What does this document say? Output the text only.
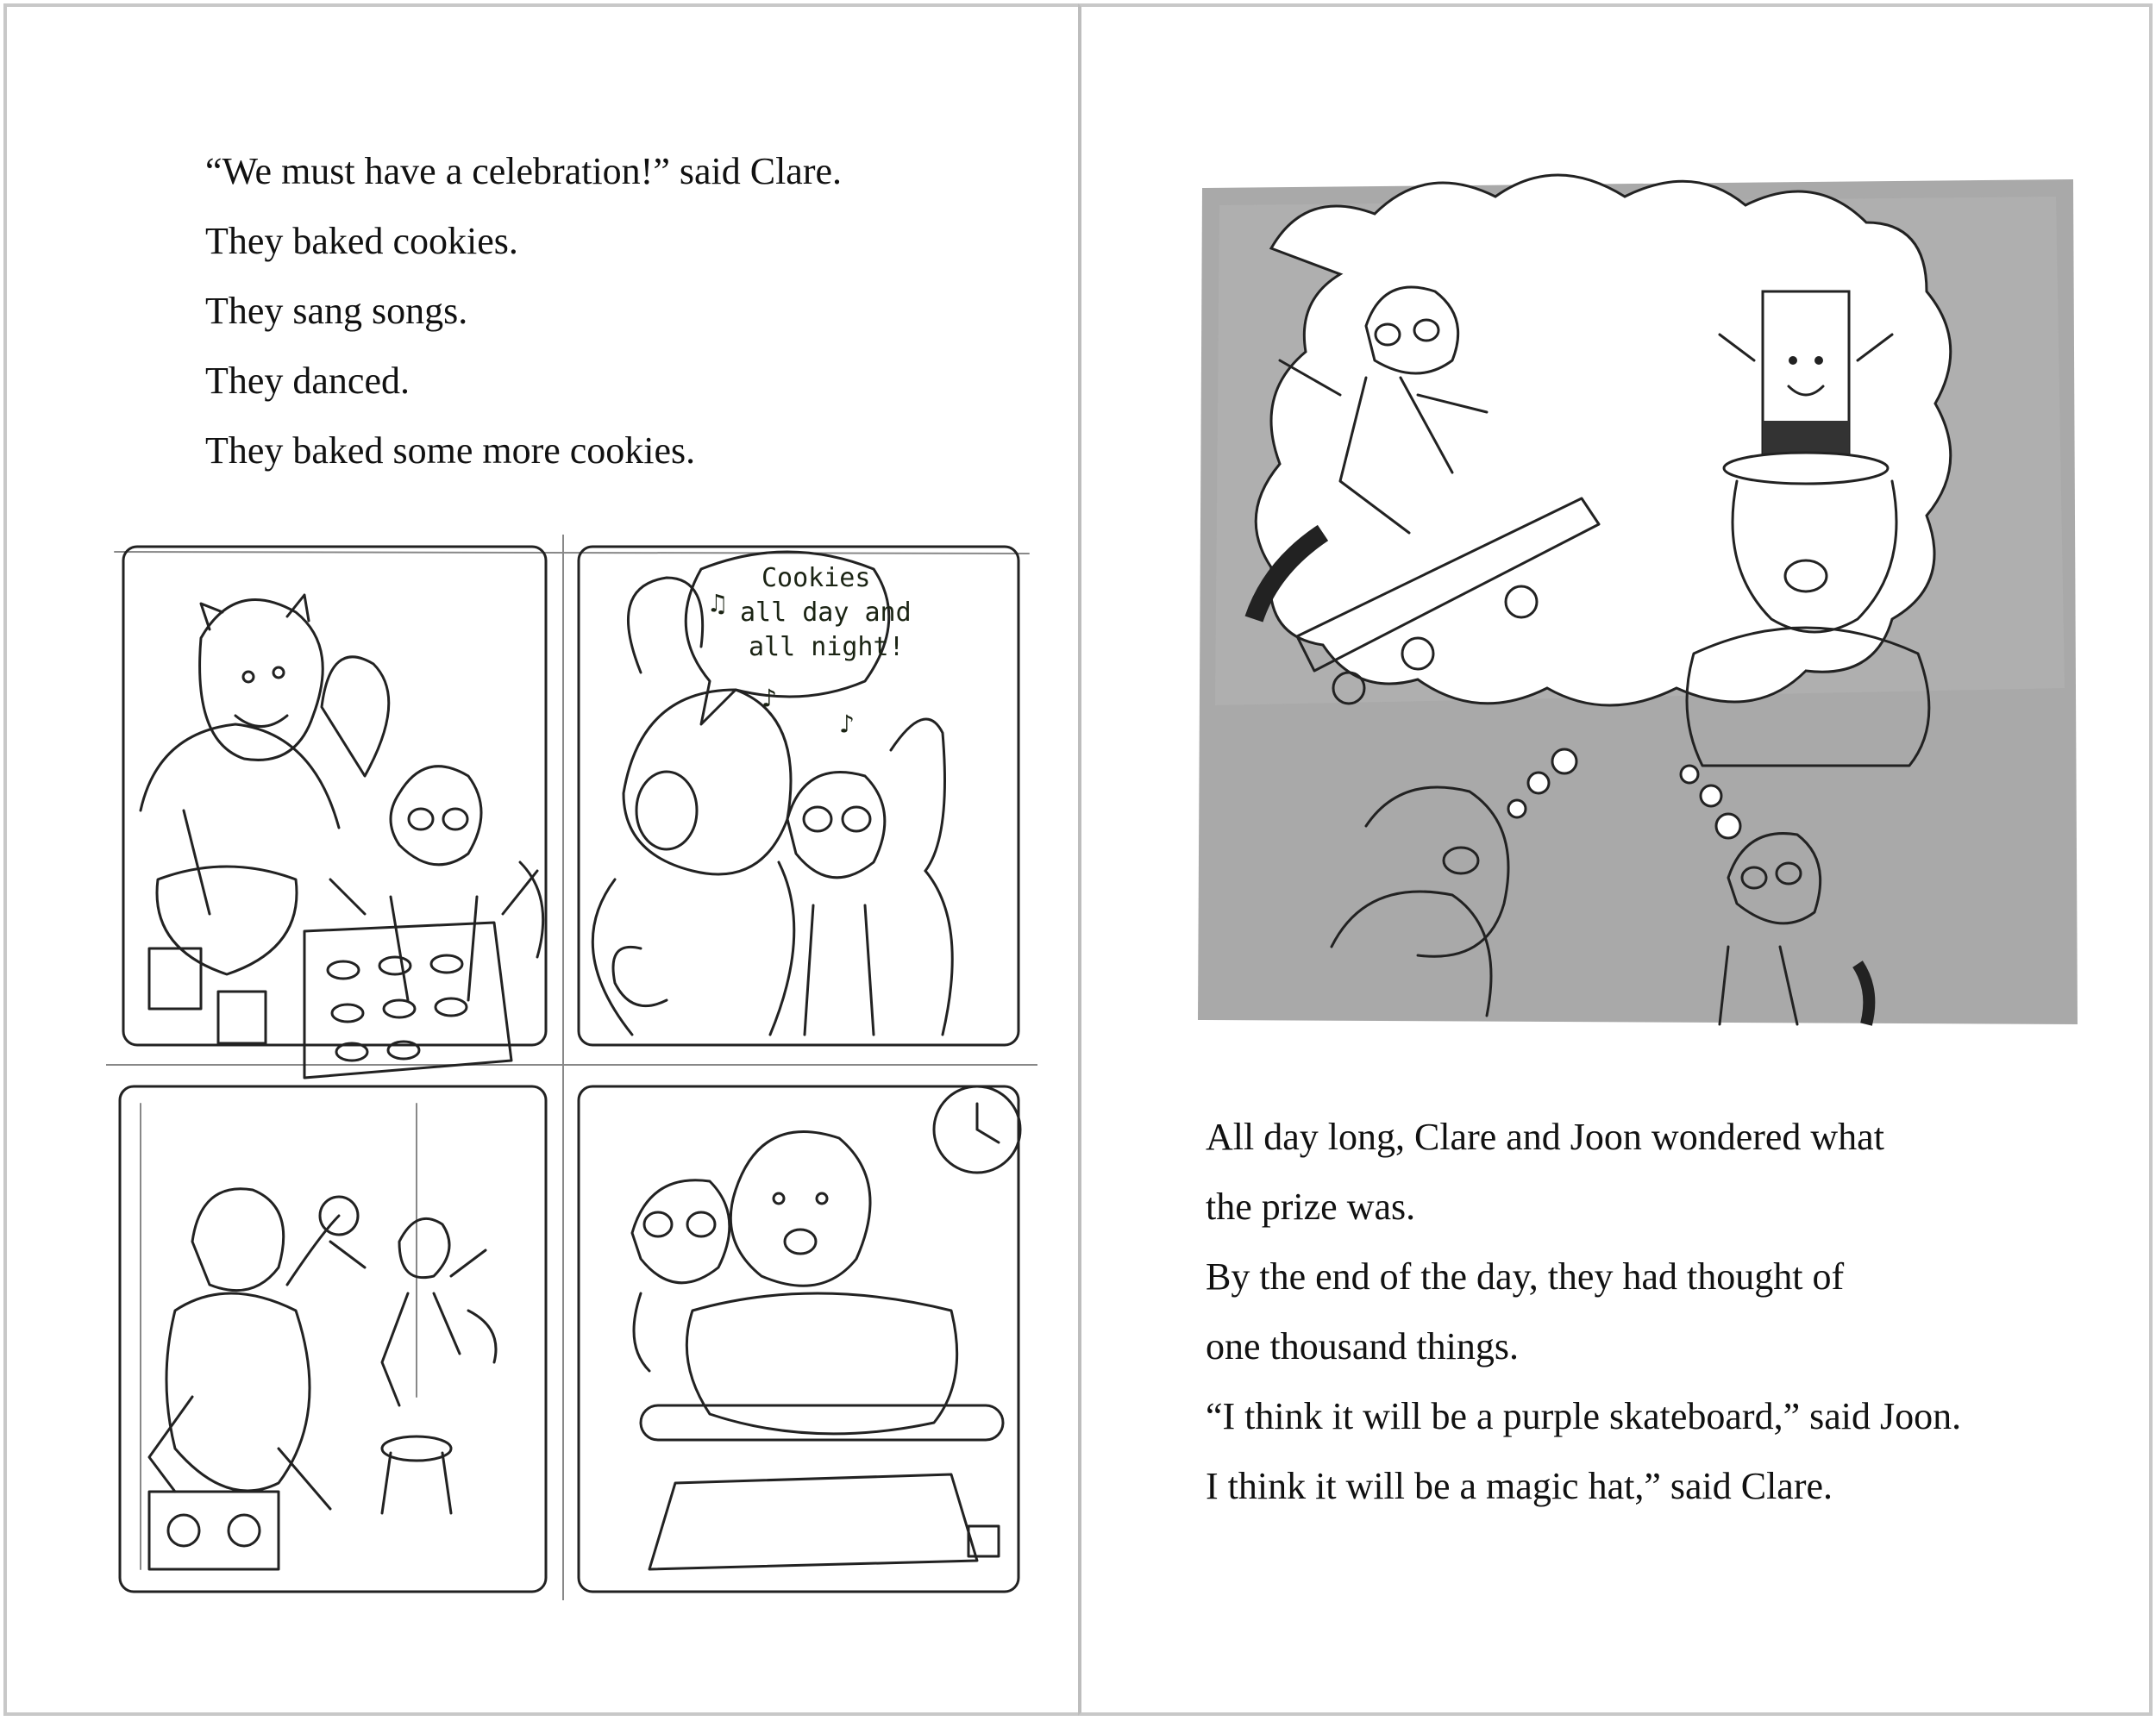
“We must have a celebration!” said Clare.

They baked cookies.

They sang songs.

They danced.

They baked some more cookies.

Cookies
all day and
all night!
♫
♪
♪

All day long, Clare and Joon wondered what

the prize was.

By the end of the day, they had thought of

one thousand things.

“I think it will be a purple skateboard,” said Joon.

I think it will be a magic hat,” said Clare.
